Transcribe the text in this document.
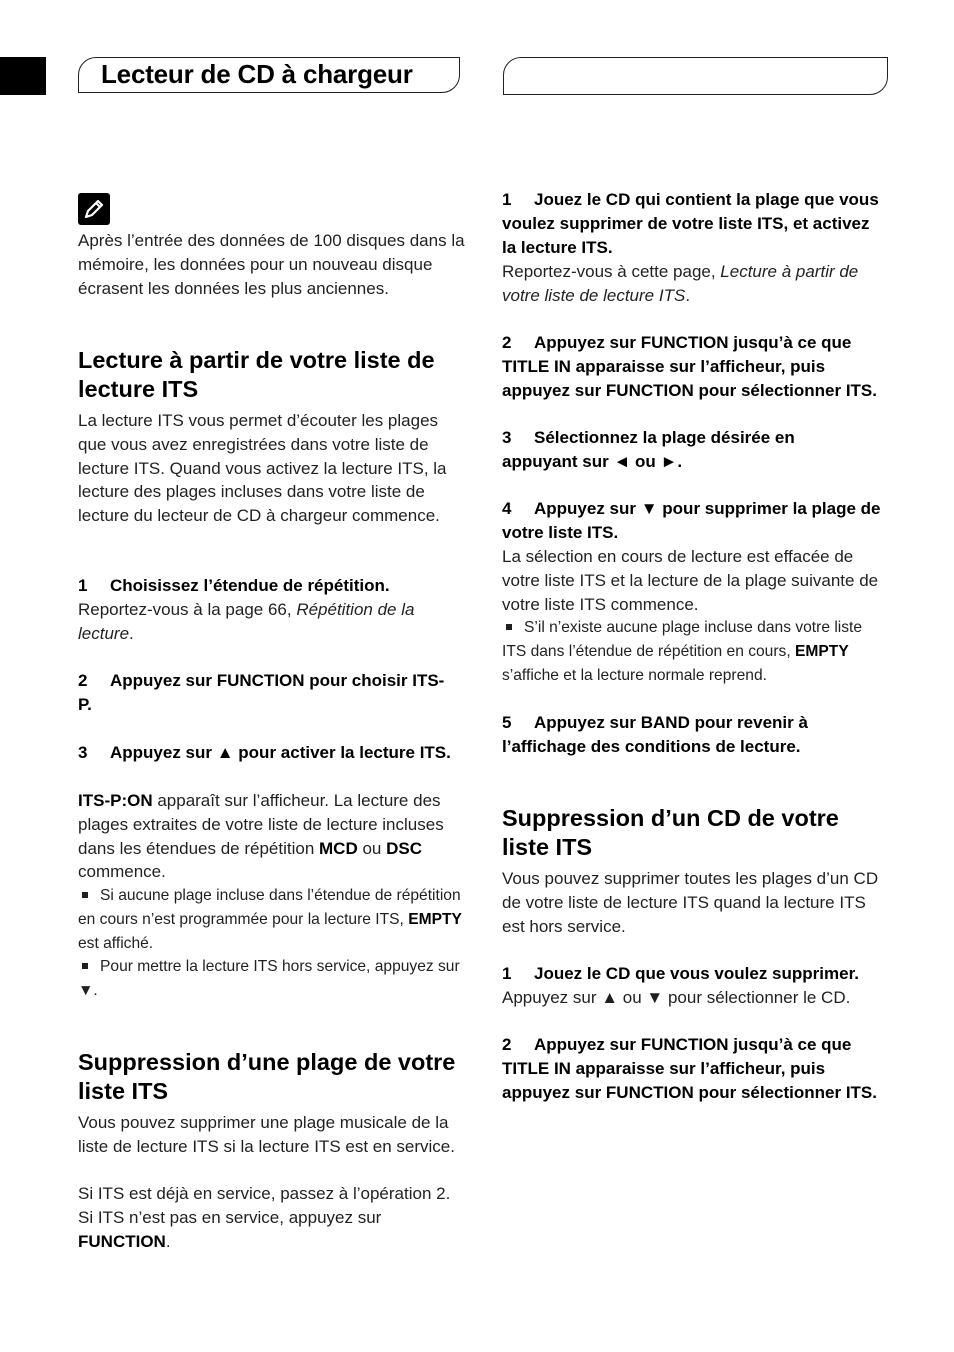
Lecteur de CD à chargeur

Après l’entrée des données de 100 disques dans la mémoire, les données pour un nouveau disque écrasent les données les plus anciennes.

Lecture à partir de votre liste de lecture ITS

La lecture ITS vous permet d’écouter les plages que vous avez enregistrées dans votre liste de lecture ITS. Quand vous activez la lecture ITS, la lecture des plages incluses dans votre liste de lecture du lecteur de CD à chargeur commence.

1 Choisissez l’étendue de répétition.

Reportez-vous à la page 66, Répétition de la lecture.

2 Appuyez sur FUNCTION pour choisir ITS-P.

3 Appuyez sur ▲ pour activer la lecture ITS.

ITS-P:ON apparaît sur l’afficheur. La lecture des plages extraites de votre liste de lecture incluses dans les étendues de répétition MCD ou DSC commence.

Si aucune plage incluse dans l’étendue de répétition en cours n’est programmée pour la lecture ITS, EMPTY est affiché.

Pour mettre la lecture ITS hors service, appuyez sur ▼.

Suppression d’une plage de votre liste ITS

Vous pouvez supprimer une plage musicale de la liste de lecture ITS si la lecture ITS est en service.

Si ITS est déjà en service, passez à l’opération 2. Si ITS n’est pas en service, appuyez sur FUNCTION.

1 Jouez le CD qui contient la plage que vous voulez supprimer de votre liste ITS, et activez la lecture ITS.

Reportez-vous à cette page, Lecture à partir de votre liste de lecture ITS.

2 Appuyez sur FUNCTION jusqu’à ce que TITLE IN apparaisse sur l’afficheur, puis appuyez sur FUNCTION pour sélectionner ITS.

3 Sélectionnez la plage désirée en appuyant sur ◄ ou ►.

4 Appuyez sur ▼ pour supprimer la plage de votre liste ITS.

La sélection en cours de lecture est effacée de votre liste ITS et la lecture de la plage suivante de votre liste ITS commence.

S’il n’existe aucune plage incluse dans votre liste ITS dans l’étendue de répétition en cours, EMPTY s’affiche et la lecture normale reprend.

5 Appuyez sur BAND pour revenir à l’affichage des conditions de lecture.

Suppression d’un CD de votre liste ITS

Vous pouvez supprimer toutes les plages d’un CD de votre liste de lecture ITS quand la lecture ITS est hors service.

1 Jouez le CD que vous voulez supprimer.

Appuyez sur ▲ ou ▼ pour sélectionner le CD.

2 Appuyez sur FUNCTION jusqu’à ce que TITLE IN apparaisse sur l’afficheur, puis appuyez sur FUNCTION pour sélectionner ITS.
